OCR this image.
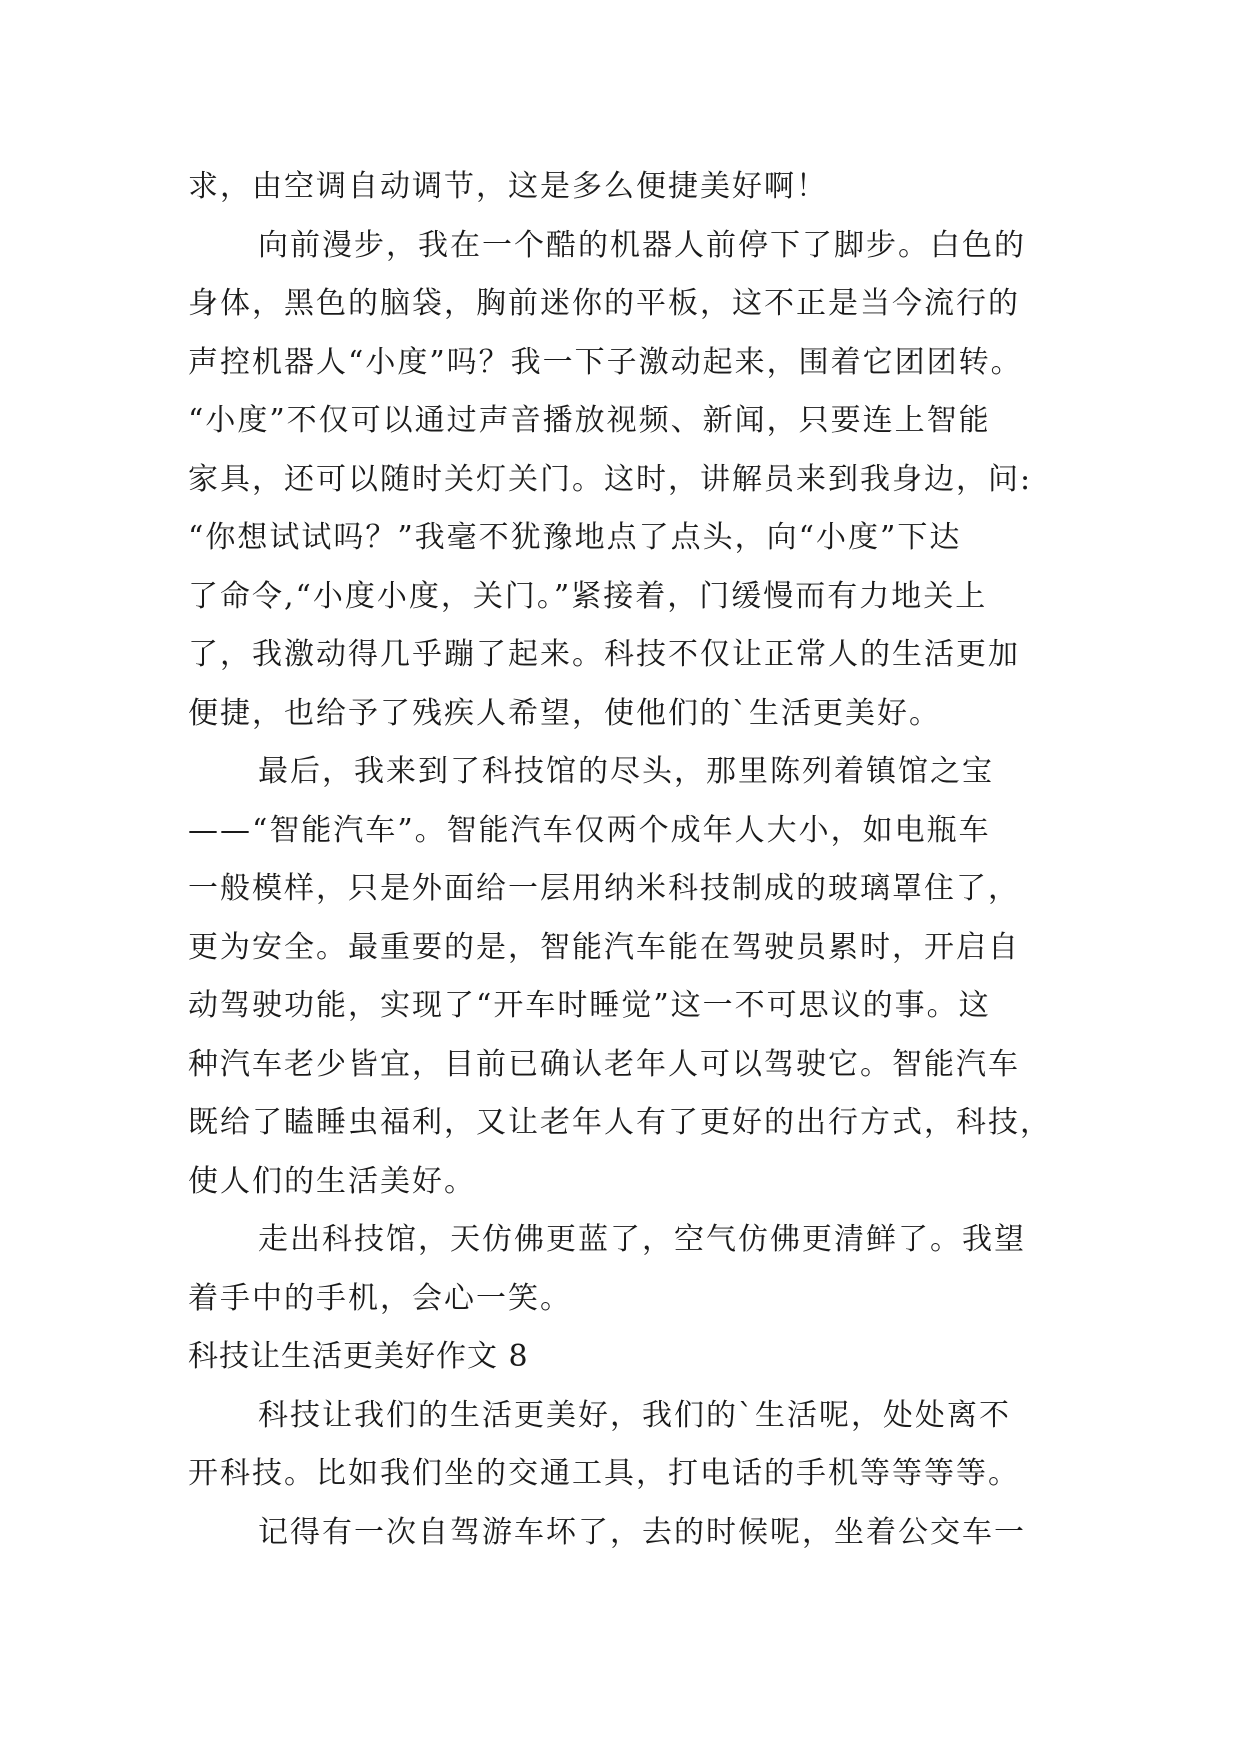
求，由空调自动调节，这是多么便捷美好啊！
向前漫步，我在一个酷的机器人前停下了脚步。白色的
身体，黑色的脑袋，胸前迷你的平板，这不正是当今流行的
声控机器人“小度”吗？我一下子激动起来，围着它团团转。
“小度”不仅可以通过声音播放视频、新闻，只要连上智能
家具，还可以随时关灯关门。这时，讲解员来到我身边，问:
“你想试试吗？”我毫不犹豫地点了点头，向“小度”下达
了命令,“小度小度，关门。”紧接着，门缓慢而有力地关上
了，我激动得几乎蹦了起来。科技不仅让正常人的生活更加
便捷，也给予了残疾人希望，使他们的`生活更美好。
最后，我来到了科技馆的尽头，那里陈列着镇馆之宝
——“智能汽车”。智能汽车仅两个成年人大小，如电瓶车
一般模样，只是外面给一层用纳米科技制成的玻璃罩住了，
更为安全。最重要的是，智能汽车能在驾驶员累时，开启自
动驾驶功能，实现了“开车时睡觉”这一不可思议的事。这
种汽车老少皆宜，目前已确认老年人可以驾驶它。智能汽车
既给了瞌睡虫福利，又让老年人有了更好的出行方式，科技，
使人们的生活美好。
走出科技馆，天仿佛更蓝了，空气仿佛更清鲜了。我望
着手中的手机，会心一笑。
科技让生活更美好作文 8
科技让我们的生活更美好，我们的`生活呢，处处离不
开科技。比如我们坐的交通工具，打电话的手机等等等等。
记得有一次自驾游车坏了，去的时候呢，坐着公交车一
